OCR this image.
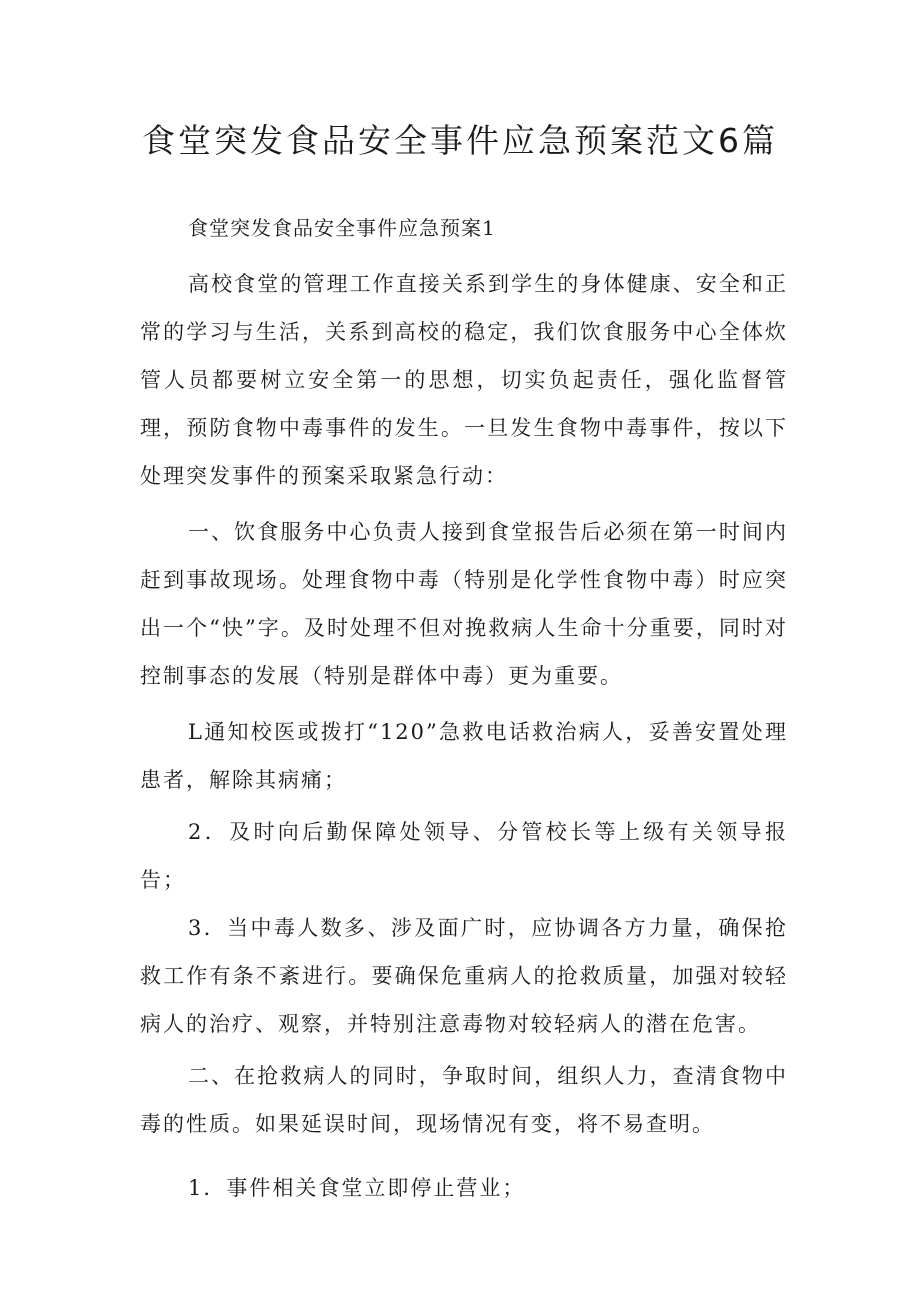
食堂突发食品安全事件应急预案范文6篇

食堂突发食品安全事件应急预案1

高校食堂的管理工作直接关系到学生的身体健康、安全和正常的学习与生活，关系到高校的稳定，我们饮食服务中心全体炊管人员都要树立安全第一的思想，切实负起责任，强化监督管理，预防食物中毒事件的发生。一旦发生食物中毒事件，按以下处理突发事件的预案采取紧急行动：

一、饮食服务中心负责人接到食堂报告后必须在第一时间内赶到事故现场。处理食物中毒（特别是化学性食物中毒）时应突出一个“快”字。及时处理不但对挽救病人生命十分重要，同时对控制事态的发展（特别是群体中毒）更为重要。

L通知校医或拨打“120”急救电话救治病人，妥善安置处理患者，解除其病痛；

2．及时向后勤保障处领导、分管校长等上级有关领导报告；

3．当中毒人数多、涉及面广时，应协调各方力量，确保抢救工作有条不紊进行。要确保危重病人的抢救质量，加强对较轻病人的治疗、观察，并特别注意毒物对较轻病人的潜在危害。

二、在抢救病人的同时，争取时间，组织人力，查清食物中毒的性质。如果延误时间，现场情况有变，将不易查明。

1．事件相关食堂立即停止营业；
